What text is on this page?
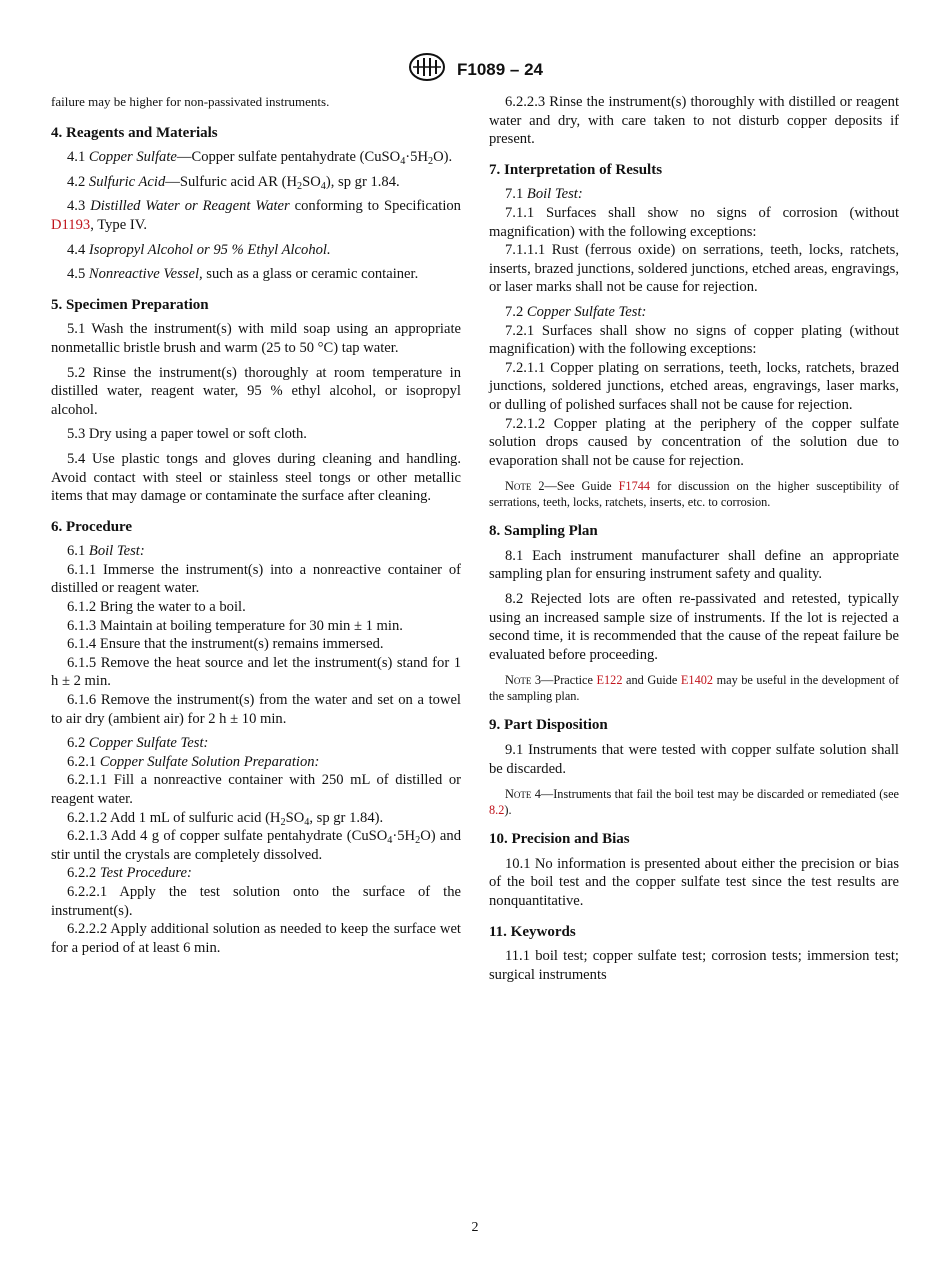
F1089 – 24

failure may be higher for non-passivated instruments.

4. Reagents and Materials

4.1 Copper Sulfate—Copper sulfate pentahydrate $(CuSO_4\cdot 5H_2O)$.

4.2 Sulfuric Acid—Sulfuric acid AR $(H_2SO_4)$, sp gr 1.84.

4.3 Distilled Water or Reagent Water conforming to Specification D1193, Type IV.

4.4 Isopropyl Alcohol or 95 % Ethyl Alcohol.

4.5 Nonreactive Vessel, such as a glass or ceramic container.

5. Specimen Preparation

5.1 Wash the instrument(s) with mild soap using an appropriate nonmetallic bristle brush and warm (25 to 50 °C) tap water.

5.2 Rinse the instrument(s) thoroughly at room temperature in distilled water, reagent water, 95 % ethyl alcohol, or isopropyl alcohol.

5.3 Dry using a paper towel or soft cloth.

5.4 Use plastic tongs and gloves during cleaning and handling. Avoid contact with steel or stainless steel tongs or other metallic items that may damage or contaminate the surface after cleaning.

6. Procedure

6.1 Boil Test:

6.1.1 Immerse the instrument(s) into a nonreactive container of distilled or reagent water.

6.1.2 Bring the water to a boil.

6.1.3 Maintain at boiling temperature for 30 min ± 1 min.

6.1.4 Ensure that the instrument(s) remains immersed.

6.1.5 Remove the heat source and let the instrument(s) stand for 1 h ± 2 min.

6.1.6 Remove the instrument(s) from the water and set on a towel to air dry (ambient air) for 2 h ± 10 min.

6.2 Copper Sulfate Test:

6.2.1 Copper Sulfate Solution Preparation:

6.2.1.1 Fill a nonreactive container with 250 mL of distilled or reagent water.

6.2.1.2 Add 1 mL of sulfuric acid ($H_2SO_4$, sp gr 1.84).

6.2.1.3 Add 4 g of copper sulfate pentahydrate $(CuSO_4\cdot 5H_2O)$ and stir until the crystals are completely dissolved.

6.2.2 Test Procedure:

6.2.2.1 Apply the test solution onto the surface of the instrument(s).

6.2.2.2 Apply additional solution as needed to keep the surface wet for a period of at least 6 min.

6.2.2.3 Rinse the instrument(s) thoroughly with distilled or reagent water and dry, with care taken to not disturb copper deposits if present.

7. Interpretation of Results

7.1 Boil Test:

7.1.1 Surfaces shall show no signs of corrosion (without magnification) with the following exceptions:

7.1.1.1 Rust (ferrous oxide) on serrations, teeth, locks, ratchets, inserts, brazed junctions, soldered junctions, etched areas, engravings, or laser marks shall not be cause for rejection.

7.2 Copper Sulfate Test:

7.2.1 Surfaces shall show no signs of copper plating (without magnification) with the following exceptions:

7.2.1.1 Copper plating on serrations, teeth, locks, ratchets, brazed junctions, soldered junctions, etched areas, engravings, laser marks, or dulling of polished surfaces shall not be cause for rejection.

7.2.1.2 Copper plating at the periphery of the copper sulfate solution drops caused by concentration of the solution due to evaporation shall not be cause for rejection.

Note 2—See Guide F1744 for discussion on the higher susceptibility of serrations, teeth, locks, ratchets, inserts, etc. to corrosion.

8. Sampling Plan

8.1 Each instrument manufacturer shall define an appropriate sampling plan for ensuring instrument safety and quality.

8.2 Rejected lots are often re-passivated and retested, typically using an increased sample size of instruments. If the lot is rejected a second time, it is recommended that the cause of the repeat failure be evaluated before proceeding.

Note 3—Practice E122 and Guide E1402 may be useful in the development of the sampling plan.

9. Part Disposition

9.1 Instruments that were tested with copper sulfate solution shall be discarded.

Note 4—Instruments that fail the boil test may be discarded or remediated (see 8.2).

10. Precision and Bias

10.1 No information is presented about either the precision or bias of the boil test and the copper sulfate test since the test results are nonquantitative.

11. Keywords

11.1 boil test; copper sulfate test; corrosion tests; immersion test; surgical instruments

2
